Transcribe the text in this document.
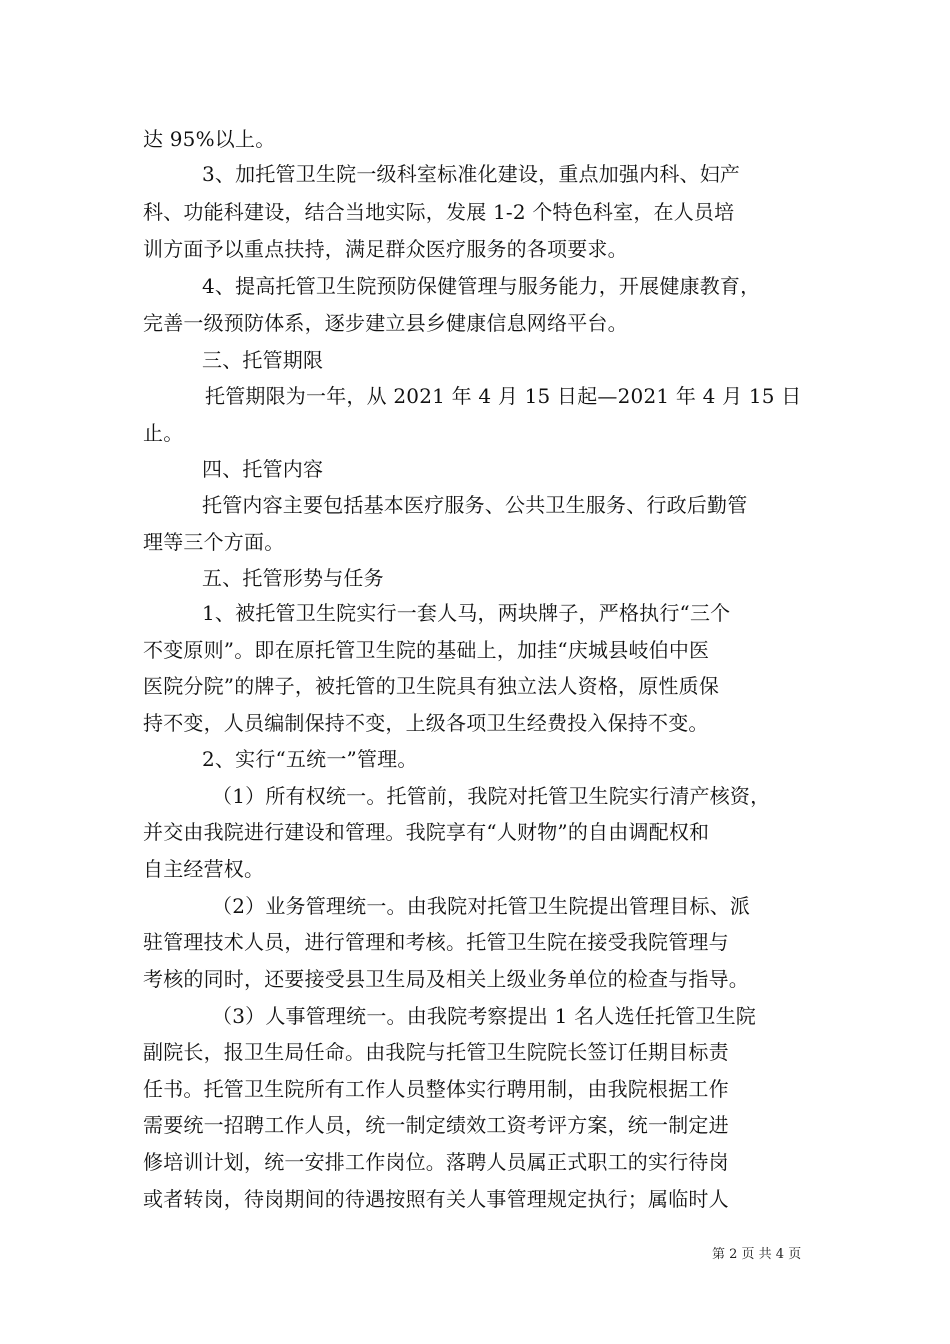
达 95%以上。
3、加托管卫生院一级科室标准化建设，重点加强内科、妇产
科、功能科建设，结合当地实际，发展 1-2 个特色科室，在人员培
训方面予以重点扶持，满足群众医疗服务的各项要求。
4、提高托管卫生院预防保健管理与服务能力，开展健康教育，
完善一级预防体系，逐步建立县乡健康信息网络平台。
三、托管期限
托管期限为一年，从 2021 年 4 月 15 日起—2021 年 4 月 15 日
止。
四、托管内容
托管内容主要包括基本医疗服务、公共卫生服务、行政后勤管
理等三个方面。
五、托管形势与任务
1、被托管卫生院实行一套人马，两块牌子，严格执行“三个
不变原则”。即在原托管卫生院的基础上，加挂“庆城县岐伯中医
医院分院”的牌子，被托管的卫生院具有独立法人资格，原性质保
持不变，人员编制保持不变，上级各项卫生经费投入保持不变。
2、实行“五统一”管理。
（1）所有权统一。托管前，我院对托管卫生院实行清产核资，
并交由我院进行建设和管理。我院享有“人财物”的自由调配权和
自主经营权。
（2）业务管理统一。由我院对托管卫生院提出管理目标、派
驻管理技术人员，进行管理和考核。托管卫生院在接受我院管理与
考核的同时，还要接受县卫生局及相关上级业务单位的检查与指导。
（3）人事管理统一。由我院考察提出 1 名人选任托管卫生院
副院长，报卫生局任命。由我院与托管卫生院院长签订任期目标责
任书。托管卫生院所有工作人员整体实行聘用制，由我院根据工作
需要统一招聘工作人员，统一制定绩效工资考评方案，统一制定进
修培训计划，统一安排工作岗位。落聘人员属正式职工的实行待岗
或者转岗，待岗期间的待遇按照有关人事管理规定执行；属临时人
第 2 页 共 4 页
